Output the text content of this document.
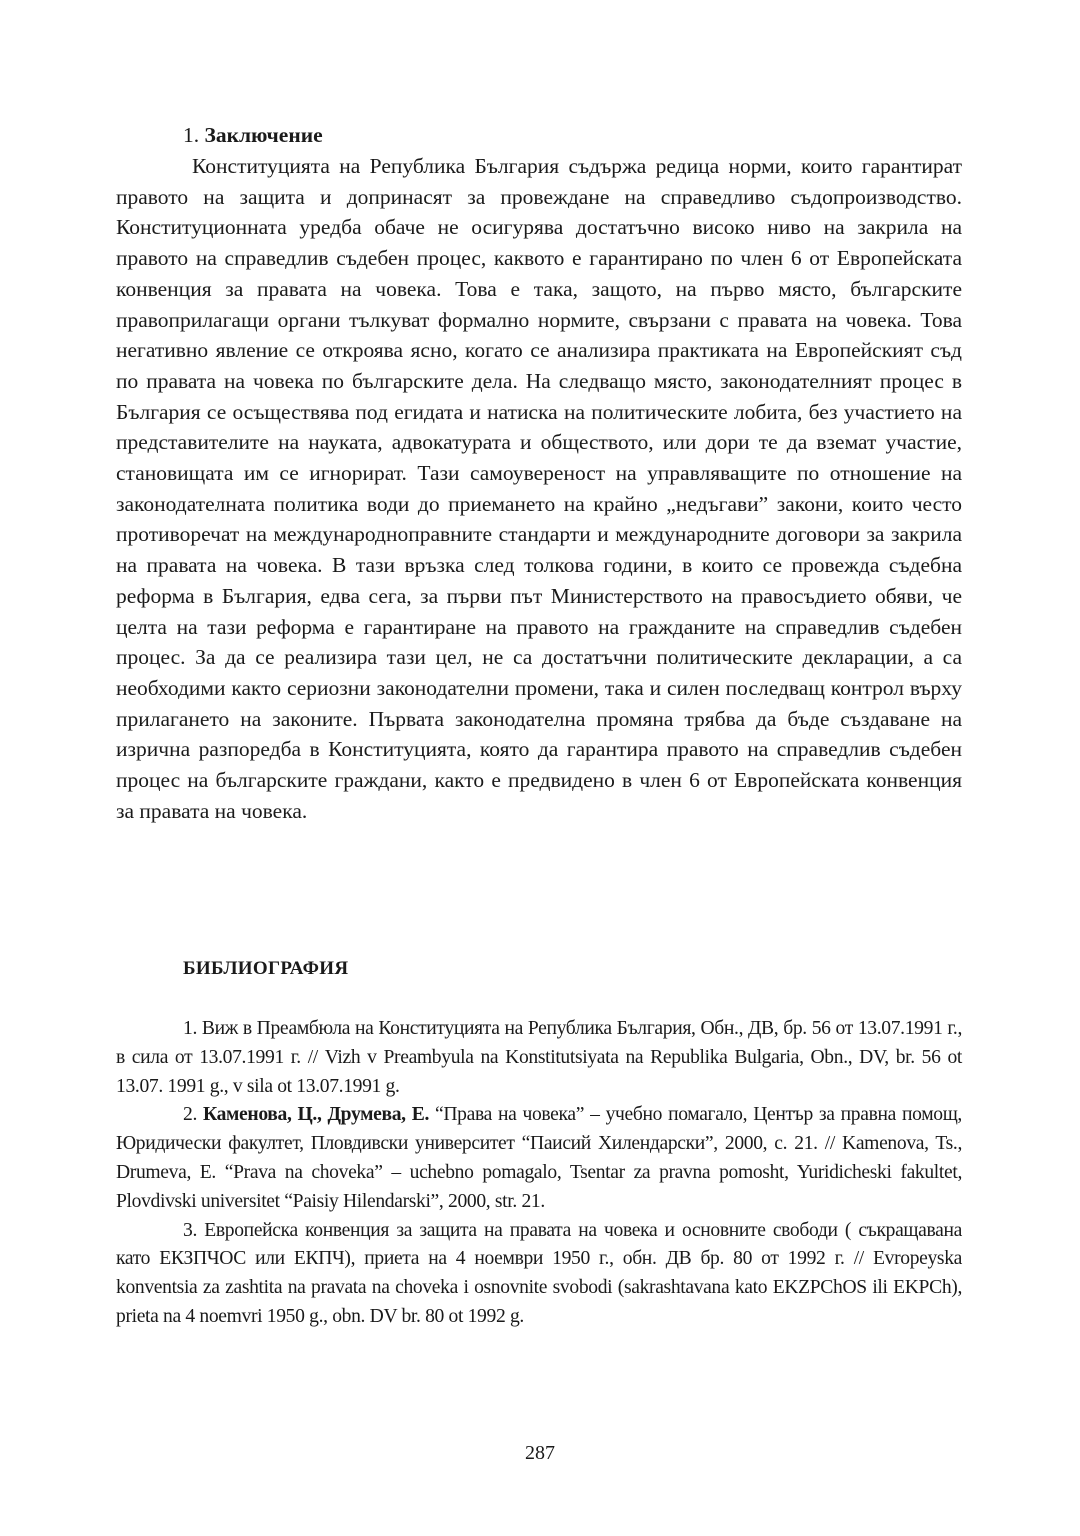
1. Заключение

Конституцията на Република България съдържа редица норми, които гарантират правото на защита и допринасят за провеждане на справедливо съдопроизводство. Конституционната уредба обаче не осигурява достатъчно високо ниво на закрила на правото на справедлив съдебен процес, каквото е гарантирано по член 6 от Европейската конвенция за правата на човека. Това е така, защото, на първо място, българските правоприлагащи органи тълкуват формално нормите, свързани с правата на човека. Това негативно явление се откроява ясно, когато се анализира практиката на Европейският съд по правата на човека по българските дела. На следващо място, законодателният процес в България се осъществява под егидата и натиска на политическите лобита, без участието на представителите на науката, адвокатурата и обществото, или дори те да вземат участие, становищата им се игнорират. Тази самоувереност на управляващите по отношение на законодателната политика води до приемането на крайно „недъгави” закони, които често противоречат на международноправните стандарти и международните договори за закрила на правата на човека. В тази връзка след толкова години, в които се провежда съдебна реформа в България, едва сега, за първи път Министерството на правосъдието обяви, че целта на тази реформа е гарантиране на правото на гражданите на справедлив съдебен процес. За да се реализира тази цел, не са достатъчни политическите декларации, а са необходими както сериозни законодателни промени, така и силен последващ контрол върху прилагането на законите. Първата законодателна промяна трябва да бъде създаване на изрична разпоредба в Конституцията, която да гарантира правото на справедлив съдебен процес на българските граждани, както е предвидено в член 6 от Европейската конвенция за правата на човека.

БИБЛИОГРАФИЯ
1. Виж в Преамбюла на Конституцията на Република България, Обн., ДВ, бр. 56 от 13.07.1991 г., в сила от 13.07.1991 г. // Vizh v Preambyula na Konstitutsiyata na Republika Bulgaria, Obn., DV, br. 56 ot 13.07. 1991 g., v sila ot 13.07.1991 g.
2. Каменова, Ц., Друмева, Е. “Права на човека” – учебно помагало, Център за правна помощ, Юридически факултет, Пловдивски университет “Паисий Хилендарски”, 2000, с. 21. // Kamenova, Ts., Drumeva, E. “Prava na choveka” – uchebno pomagalo, Tsentar za pravna pomosht, Yuridicheski fakultet, Plovdivski universitet “Paisiy Hilendarski”, 2000, str. 21.
3. Европейска конвенция за защита на правата на човека и основните свободи ( съкращавана като ЕКЗПЧОС или ЕКПЧ), приета на 4 ноември 1950 г., обн. ДВ бр. 80 от 1992 г. // Evropeyska konventsia za zashtita na pravata na choveka i osnovnite svobodi (sakrashtavana kato EKZPChOS ili EKPCh), prieta na 4 noemvri 1950 g., obn. DV br. 80 ot 1992 g.
287
